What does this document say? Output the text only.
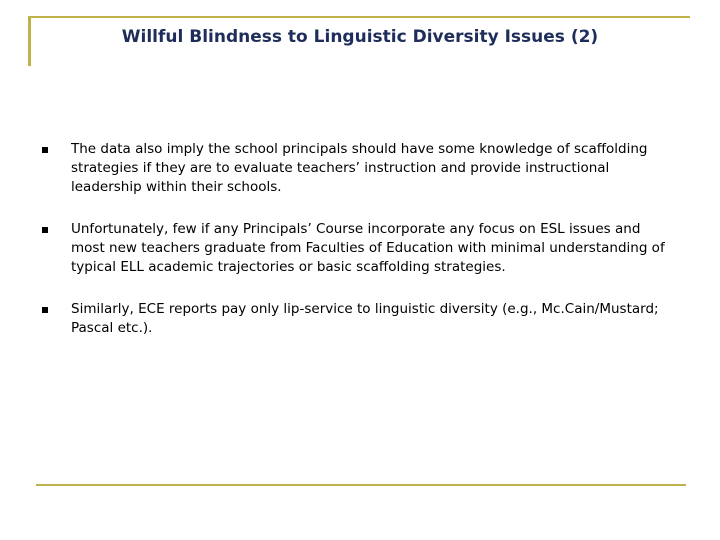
Willful Blindness to Linguistic Diversity Issues (2)
The data also imply the school principals should have some knowledge of scaffolding strategies if they are to evaluate teachers’ instruction and provide instructional leadership within their schools.
Unfortunately, few if any Principals’ Course incorporate any focus on ESL issues and most new teachers graduate from Faculties of Education with minimal understanding of typical ELL academic trajectories or basic scaffolding strategies.
Similarly, ECE reports pay only lip-service to linguistic diversity (e.g., Mc.Cain/Mustard; Pascal etc.).
